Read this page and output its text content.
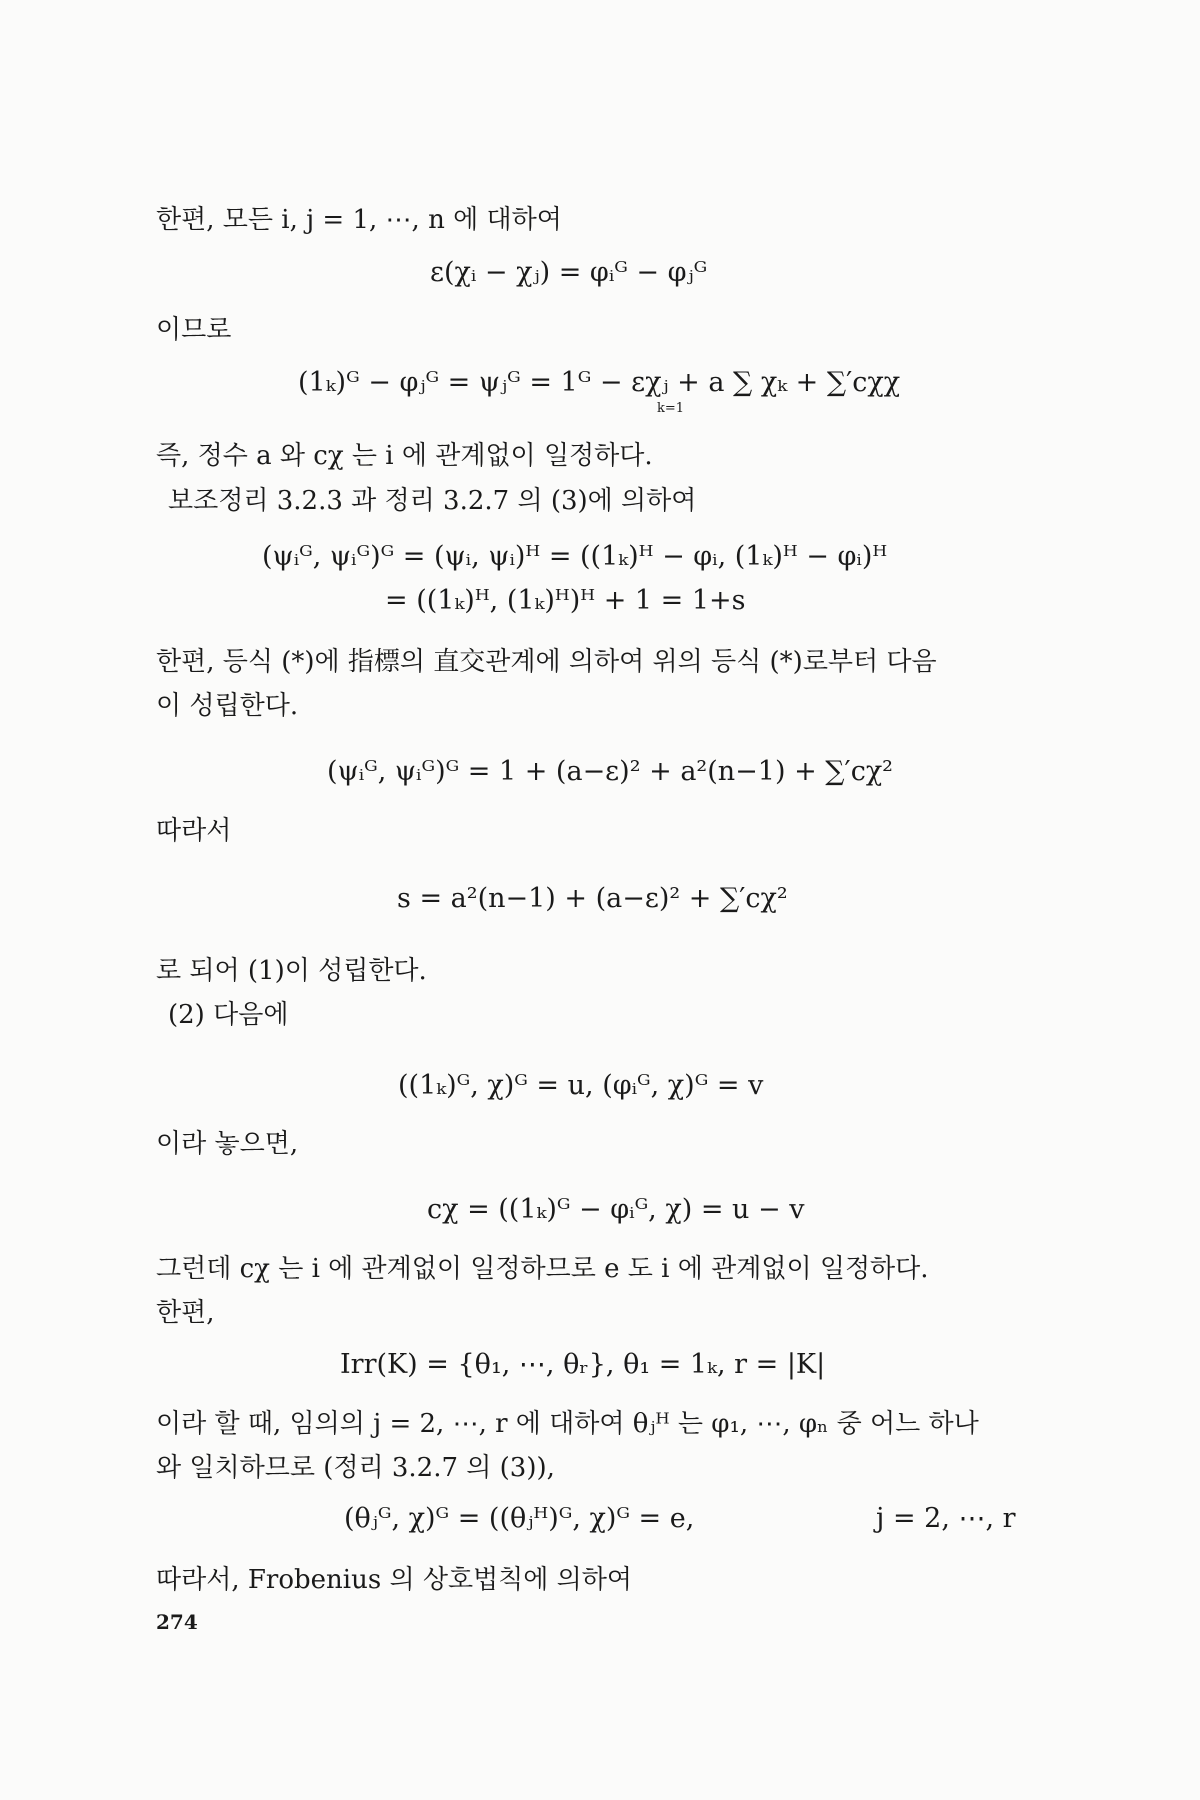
한편, 모든 i, j = 1, ⋯, n 에 대하여
ε(χᵢ − χⱼ) = φᵢᴳ − φⱼᴳ
이므로
(1ₖ)ᴳ − φⱼᴳ = ψⱼᴳ = 1ᴳ − εχⱼ + a ∑ χₖ + ∑′cχχ
k=1
즉, 정수 a 와 cχ 는 i 에 관계없이 일정하다.
보조정리 3.2.3 과 정리 3.2.7 의 (3)에 의하여
(ψᵢᴳ, ψᵢᴳ)ᴳ = (ψᵢ, ψᵢ)ᴴ = ((1ₖ)ᴴ − φᵢ, (1ₖ)ᴴ − φᵢ)ᴴ
= ((1ₖ)ᴴ, (1ₖ)ᴴ)ᴴ + 1 = 1+s
한편, 등식 (*)에 指標의 直交관계에 의하여 위의 등식 (*)로부터 다음
이 성립한다.
(ψᵢᴳ, ψᵢᴳ)ᴳ = 1 + (a−ε)² + a²(n−1) + ∑′cχ²
따라서
s = a²(n−1) + (a−ε)² + ∑′cχ²
로 되어 (1)이 성립한다.
(2) 다음에
((1ₖ)ᴳ, χ)ᴳ = u, (φᵢᴳ, χ)ᴳ = v
이라 놓으면,
cχ = ((1ₖ)ᴳ − φᵢᴳ, χ) = u − v
그런데 cχ 는 i 에 관계없이 일정하므로 e 도 i 에 관계없이 일정하다.
한편,
Irr(K) = {θ₁, ⋯, θᵣ}, θ₁ = 1ₖ, r = |K|
이라 할 때, 임의의 j = 2, ⋯, r 에 대하여 θⱼᴴ 는 φ₁, ⋯, φₙ 중 어느 하나
와 일치하므로 (정리 3.2.7 의 (3)),
(θⱼᴳ, χ)ᴳ = ((θⱼᴴ)ᴳ, χ)ᴳ = e,	j = 2, ⋯, r
따라서, Frobenius 의 상호법칙에 의하여
274
